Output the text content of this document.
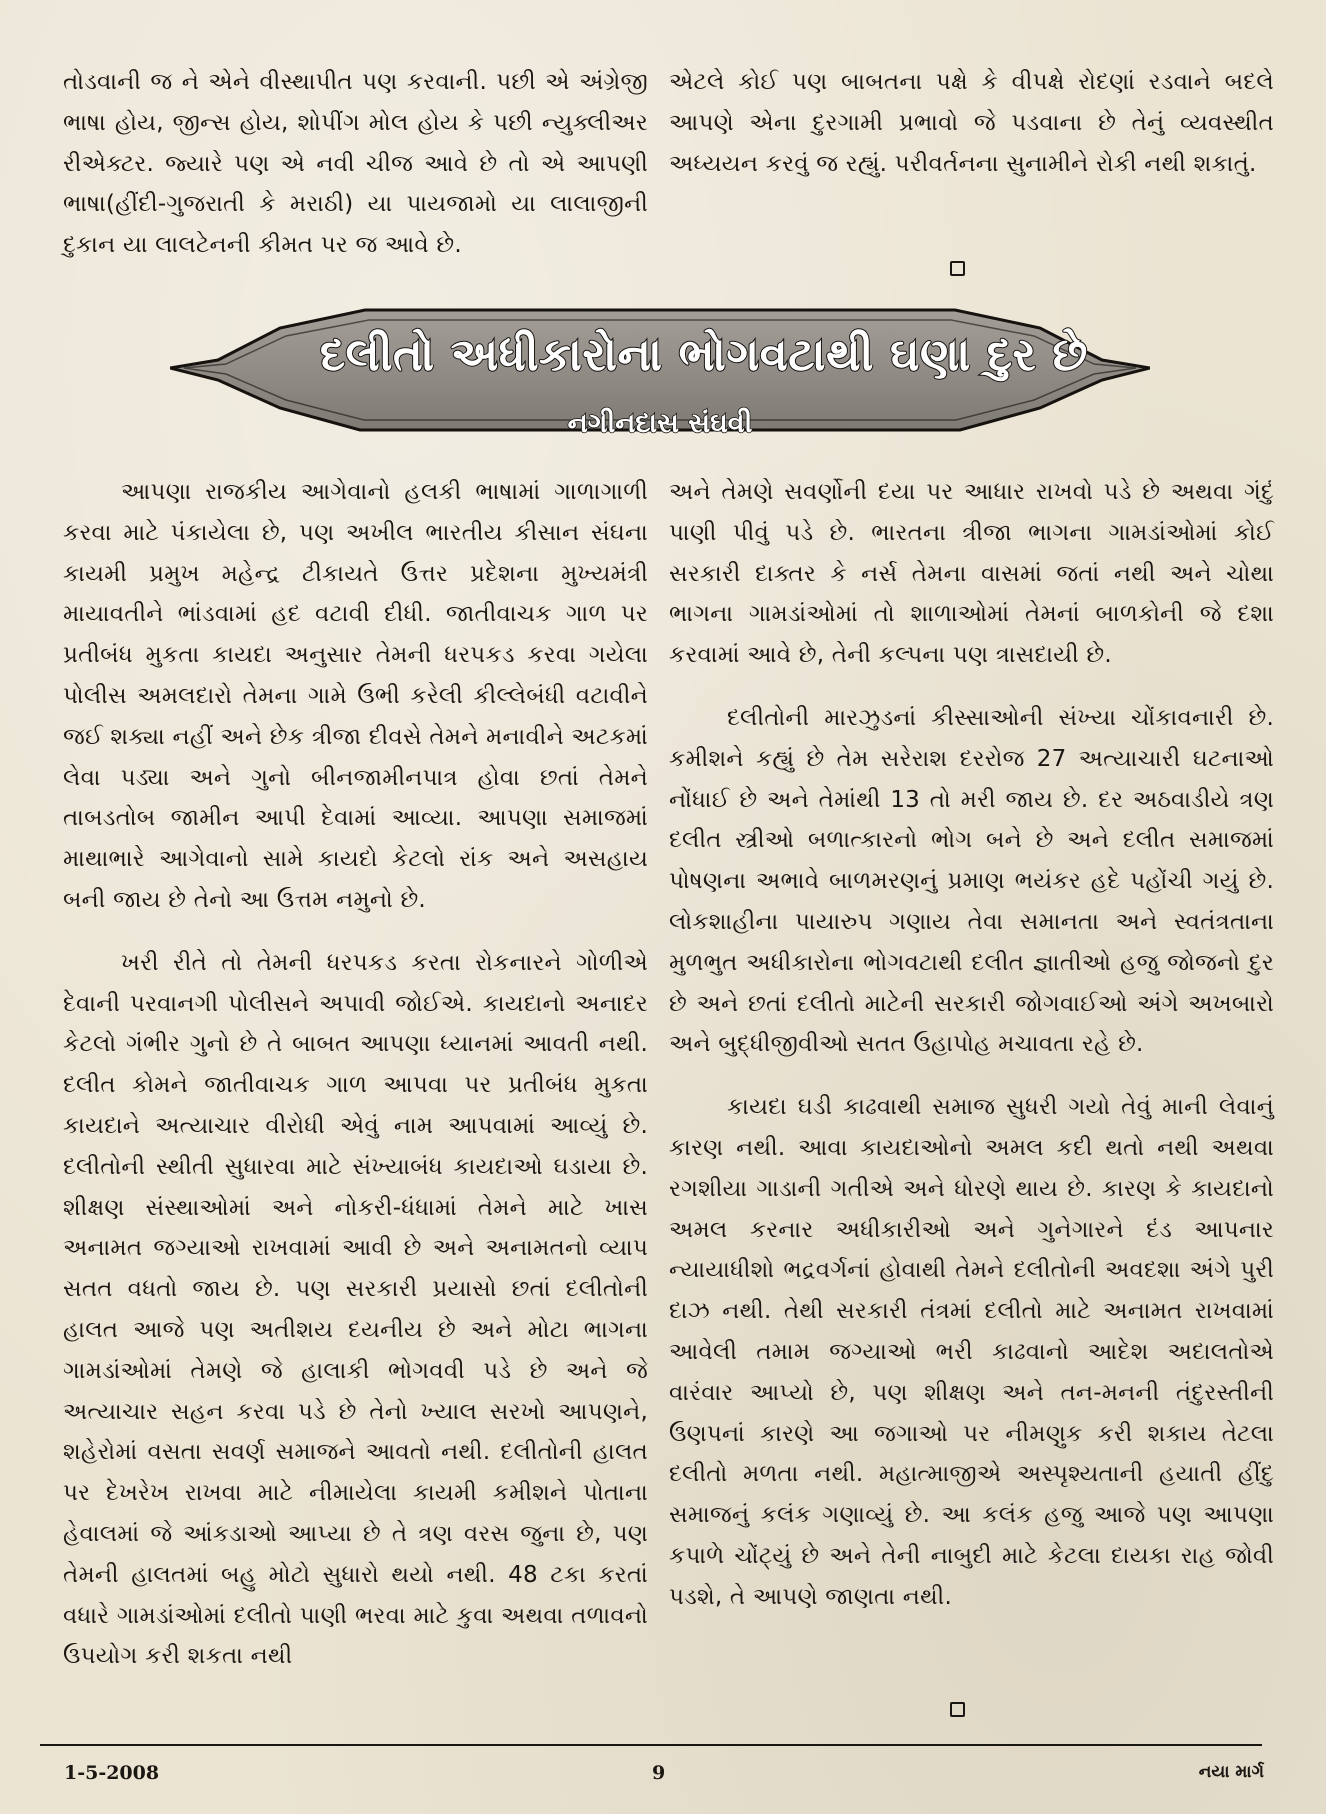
તોડવાની જ ને એને વીસ્થાપીત પણ કરવાની. પછી એ અંગ્રેજી ભાષા હોય, જીન્સ હોય, શોપીંગ મોલ હોય કે પછી ન્યુક્લીઅર રીએક્ટર. જ્યારે પણ એ નવી ચીજ આવે છે તો એ આપણી ભાષા(હીંદી-ગુજરાતી કે મરાઠી) યા પાયજામો યા લાલાજીની દુકાન યા લાલટેનની કીમત પર જ આવે છે.

એટલે કોઈ પણ બાબતના પક્ષે કે વીપક્ષે રોદણાં રડવાને બદલે આપણે એના દુરગામી પ્રભાવો જે પડવાના છે તેનું વ્યવસ્થીત અધ્યયન કરવું જ રહ્યું. પરીવર્તનના સુનામીને રોકી નથી શકાતું.

દલીતો અધીકારોના ભોગવટાથી ઘણા દુર છે
નગીનદાસ સંઘવી

આપણા રાજકીય આગેવાનો હલકી ભાષામાં ગાળાગાળી કરવા માટે પંકાયેલા છે, પણ અખીલ ભારતીય કીસાન સંઘના કાયમી પ્રમુખ મહેન્દ્ર ટીકાયતે ઉત્તર પ્રદેશના મુખ્યમંત્રી માયાવતીને ભાંડવામાં હદ વટાવી દીધી. જાતીવાચક ગાળ પર પ્રતીબંધ મુકતા કાયદા અનુસાર તેમની ધરપકડ કરવા ગયેલા પોલીસ અમલદારો તેમના ગામે ઉભી કરેલી કીલ્લેબંધી વટાવીને જઈ શક્યા નહીં અને છેક ત્રીજા દીવસે તેમને મનાવીને અટકમાં લેવા પડ્યા અને ગુનો બીનજામીનપાત્ર હોવા છતાં તેમને તાબડતોબ જામીન આપી દેવામાં આવ્યા. આપણા સમાજમાં માથાભારે આગેવાનો સામે કાયદો કેટલો રાંક અને અસહાય બની જાય છે તેનો આ ઉત્તમ નમુનો છે.

ખરી રીતે તો તેમની ધરપકડ કરતા રોકનારને ગોળીએ દેવાની પરવાનગી પોલીસને અપાવી જોઈએ. કાયદાનો અનાદર કેટલો ગંભીર ગુનો છે તે બાબત આપણા ધ્યાનમાં આવતી નથી. દલીત કોમને જાતીવાચક ગાળ આપવા પર પ્રતીબંધ મુકતા કાયદાને અત્યાચાર વીરોધી એવું નામ આપવામાં આવ્યું છે. દલીતોની સ્થીતી સુધારવા માટે સંખ્યાબંધ કાયદાઓ ઘડાયા છે. શીક્ષણ સંસ્થાઓમાં અને નોકરી-ધંધામાં તેમને માટે ખાસ અનામત જગ્યાઓ રાખવામાં આવી છે અને અનામતનો વ્યાપ સતત વધતો જાય છે. પણ સરકારી પ્રયાસો છતાં દલીતોની હાલત આજે પણ અતીશય દયનીય છે અને મોટા ભાગના ગામડાંઓમાં તેમણે જે હાલાકી ભોગવવી પડે છે અને જે અત્યાચાર સહન કરવા પડે છે તેનો ખ્યાલ સરખો આપણને, શહેરોમાં વસતા સવર્ણ સમાજને આવતો નથી. દલીતોની હાલત પર દેખરેખ રાખવા માટે નીમાયેલા કાયમી કમીશને પોતાના હેવાલમાં જે આંકડાઓ આપ્યા છે તે ત્રણ વરસ જુના છે, પણ તેમની હાલતમાં બહુ મોટો સુધારો થયો નથી. 48 ટકા કરતાં વધારે ગામડાંઓમાં દલીતો પાણી ભરવા માટે કુવા અથવા તળાવનો ઉપયોગ કરી શકતા નથી

અને તેમણે સવર્ણોની દયા પર આધાર રાખવો પડે છે અથવા ગંદું પાણી પીવું પડે છે. ભારતના ત્રીજા ભાગના ગામડાંઓમાં કોઈ સરકારી દાક્તર કે નર્સ તેમના વાસમાં જતાં નથી અને ચોથા ભાગના ગામડાંઓમાં તો શાળાઓમાં તેમનાં બાળકોની જે દશા કરવામાં આવે છે, તેની કલ્પના પણ ત્રાસદાયી છે.

દલીતોની મારઝુડનાં કીસ્સાઓની સંખ્યા ચોંકાવનારી છે. કમીશને કહ્યું છે તેમ સરેરાશ દરરોજ 27 અત્યાચારી ઘટનાઓ નોંધાઈ છે અને તેમાંથી 13 તો મરી જાય છે. દર અઠવાડીયે ત્રણ દલીત સ્ત્રીઓ બળાત્કારનો ભોગ બને છે અને દલીત સમાજમાં પોષણના અભાવે બાળમરણનું પ્રમાણ ભયંકર હદે પહોંચી ગયું છે. લોકશાહીના પાયારુપ ગણાય તેવા સમાનતા અને સ્વતંત્રતાના મુળભુત અધીકારોના ભોગવટાથી દલીત જ્ઞાતીઓ હજુ જોજનો દુર છે અને છતાં દલીતો માટેની સરકારી જોગવાઈઓ અંગે અખબારો અને બુદ્ધીજીવીઓ સતત ઉહાપોહ મચાવતા રહે છે.

કાયદા ઘડી કાઢવાથી સમાજ સુધરી ગયો તેવું માની લેવાનું કારણ નથી. આવા કાયદાઓનો અમલ કદી થતો નથી અથવા રગશીયા ગાડાની ગતીએ અને ધોરણે થાય છે. કારણ કે કાયદાનો અમલ કરનાર અધીકારીઓ અને ગુનેગારને દંડ આપનાર ન્યાયાધીશો ભદ્રવર્ગનાં હોવાથી તેમને દલીતોની અવદશા અંગે પુરી દાઝ નથી. તેથી સરકારી તંત્રમાં દલીતો માટે અનામત રાખવામાં આવેલી તમામ જગ્યાઓ ભરી કાઢવાનો આદેશ અદાલતોએ વારંવાર આપ્યો છે, પણ શીક્ષણ અને તન-મનની તંદુરસ્તીની ઉણપનાં કારણે આ જગાઓ પર નીમણુક કરી શકાય તેટલા દલીતો મળતા નથી. મહાત્માજીએ અસ્પૃશ્યતાની હયાતી હીંદુ સમાજનું કલંક ગણાવ્યું છે. આ કલંક હજુ આજે પણ આપણા કપાળે ચોંટ્યું છે અને તેની નાબુદી માટે કેટલા દાયકા રાહ જોવી પડશે, તે આપણે જાણતા નથી.

1-5-2008	9	નયા માર્ગ
